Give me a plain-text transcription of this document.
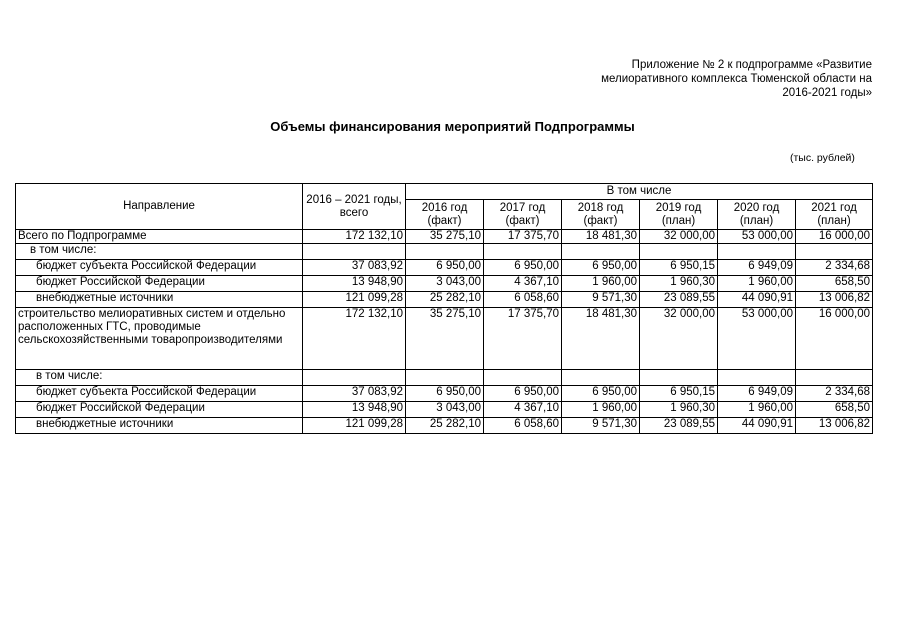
Приложение № 2 к подпрограмме «Развитие
мелиоративного комплекса Тюменской области на
2016-2021 годы»
Объемы финансирования мероприятий Подпрограммы
(тыс. рублей)
Направление	2016 – 2021 годы, всего	В том числе					
		2016 год (факт)	2017 год (факт)	2018 год (факт)	2019 год (план)	2020 год (план)	2021 год (план)
Всего по Подпрограмме	172 132,10	35 275,10	17 375,70	18 481,30	32 000,00	53 000,00	16 000,00
в том числе:							
бюджет субъекта Российской Федерации	37 083,92	6 950,00	6 950,00	6 950,00	6 950,15	6 949,09	2 334,68
бюджет Российской Федерации	13 948,90	3 043,00	4 367,10	1 960,00	1 960,30	1 960,00	658,50
внебюджетные источники	121 099,28	25 282,10	6 058,60	9 571,30	23 089,55	44 090,91	13 006,82
строительство мелиоративных систем и отдельно расположенных ГТС, проводимые сельскохозяйственными товаропроизводителями	172 132,10	35 275,10	17 375,70	18 481,30	32 000,00	53 000,00	16 000,00
в том числе:							
бюджет субъекта Российской Федерации	37 083,92	6 950,00	6 950,00	6 950,00	6 950,15	6 949,09	2 334,68
бюджет Российской Федерации	13 948,90	3 043,00	4 367,10	1 960,00	1 960,30	1 960,00	658,50
внебюджетные источники	121 099,28	25 282,10	6 058,60	9 571,30	23 089,55	44 090,91	13 006,82
